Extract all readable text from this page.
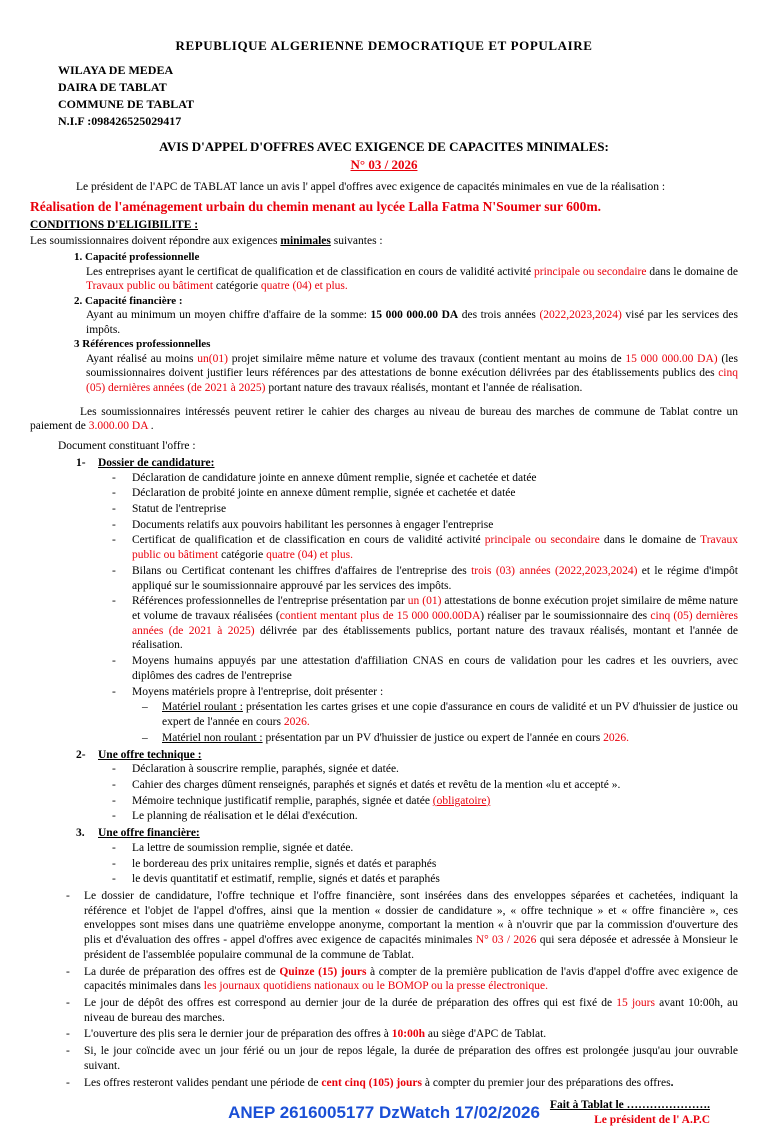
REPUBLIQUE ALGERIENNE DEMOCRATIQUE ET POPULAIRE
WILAYA DE MEDEA
DAIRA DE TABLAT
COMMUNE DE TABLAT
N.I.F :098426525029417
AVIS D'APPEL D'OFFRES AVEC EXIGENCE DE CAPACITES MINIMALES:
N° 03 / 2026
Le président de l'APC de TABLAT lance un avis l' appel d'offres avec exigence de capacités minimales en vue de la réalisation :
Réalisation de l'aménagement urbain du chemin menant au lycée Lalla Fatma N'Soumer sur 600m.
CONDITIONS D'ELIGIBILITE :
Les soumissionnaires doivent répondre aux exigences minimales suivantes :
1. Capacité professionnelle
Les entreprises ayant le certificat de qualification et de classification en cours de validité activité principale ou secondaire dans le domaine de Travaux public ou bâtiment catégorie quatre (04) et plus.
2. Capacité financière :
Ayant au minimum un moyen chiffre d'affaire de la somme: 15 000 000.00 DA des trois années (2022,2023,2024) visé par les services des impôts.
3 Références professionnelles
Ayant réalisé au moins un(01) projet similaire même nature et volume des travaux (contient mentant au moins de 15 000 000.00 DA) (les soumissionnaires doivent justifier leurs références par des attestations de bonne exécution délivrées par des établissements publics des cinq (05) dernières années (de 2021 à 2025) portant nature des travaux réalisés, montant et l'année de réalisation.
Les soumissionnaires intéressés peuvent retirer le cahier des charges au niveau de bureau des marches de commune de Tablat contre un paiement de 3.000.00 DA .
Document constituant l'offre :
1- Dossier de candidature:
- Déclaration de candidature jointe en annexe dûment remplie, signée et cachetée et datée
- Déclaration de probité jointe en annexe dûment remplie, signée et cachetée et datée
- Statut de l'entreprise
- Documents relatifs aux pouvoirs habilitant les personnes à engager l'entreprise
- Certificat de qualification et de classification en cours de validité activité principale ou secondaire dans le domaine de Travaux public ou bâtiment catégorie quatre (04) et plus.
- Bilans ou Certificat contenant les chiffres d'affaires de l'entreprise des trois (03) années (2022,2023,2024) et le régime d'impôt appliqué sur le soumissionnaire approuvé par les services des impôts.
- Références professionnelles de l'entreprise présentation par un (01) attestations de bonne exécution projet similaire de même nature et volume de travaux réalisées (contient mentant plus de 15 000 000.00DA) réaliser par le soumissionnaire des cinq (05) dernières années (de 2021 à 2025) délivrée par des établissements publics, portant nature des travaux réalisés, montant et l'année de réalisation.
- Moyens humains appuyés par une attestation d'affiliation CNAS en cours de validation pour les cadres et les ouvriers, avec diplômes des cadres de l'entreprise
- Moyens matériels propre à l'entreprise, doit présenter :
– Matériel roulant : présentation les cartes grises et une copie d'assurance en cours de validité et un PV d'huissier de justice ou expert de l'année en cours 2026.
– Matériel non roulant : présentation par un PV d'huissier de justice ou expert de l'année en cours 2026.
2- Une offre technique :
- Déclaration à souscrire remplie, paraphés, signée et datée.
- Cahier des charges dûment renseignés, paraphés et signés et datés et revêtu de la mention «lu et accepté ».
- Mémoire technique justificatif remplie, paraphés, signée et datée (obligatoire)
- Le planning de réalisation et le délai d'exécution.
3. Une offre financière:
- La lettre de soumission remplie, signée et datée.
- le bordereau des prix unitaires remplie, signés et datés et paraphés
- le devis quantitatif et estimatif, remplie, signés et datés et paraphés
- Le dossier de candidature, l'offre technique et l'offre financière, sont insérées dans des enveloppes séparées et cachetées, indiquant la référence et l'objet de l'appel d'offres, ainsi que la mention « dossier de candidature », « offre technique » et « offre financière », ces enveloppes sont mises dans une quatrième enveloppe anonyme, comportant la mention « à n'ouvrir que par la commission d'ouverture des plis et d'évaluation des offres - appel d'offres avec exigence de capacités minimales N° 03 / 2026 qui sera déposée et adressée à Monsieur le président de l'assemblée populaire communal de la commune de Tablat.
- La durée de préparation des offres est de Quinze (15) jours à compter de la première publication de l'avis d'appel d'offre avec exigence de capacités minimales dans les journaux quotidiens nationaux ou le BOMOP ou la presse électronique.
- Le jour de dépôt des offres est correspond au dernier jour de la durée de préparation des offres qui est fixé de 15 jours avant 10:00h, au niveau de bureau des marches.
- L'ouverture des plis sera le dernier jour de préparation des offres à 10:00h au siège d'APC de Tablat.
- Si, le jour coïncide avec un jour férié ou un jour de repos légale, la durée de préparation des offres est prolongée jusqu'au jour ouvrable suivant.
- Les offres resteront valides pendant une période de cent cinq (105) jours à compter du premier jour des préparations des offres.
Fait à Tablat le ………………….
Le président de l' A.P.C
ANEP 2616005177 DzWatch 17/02/2026
